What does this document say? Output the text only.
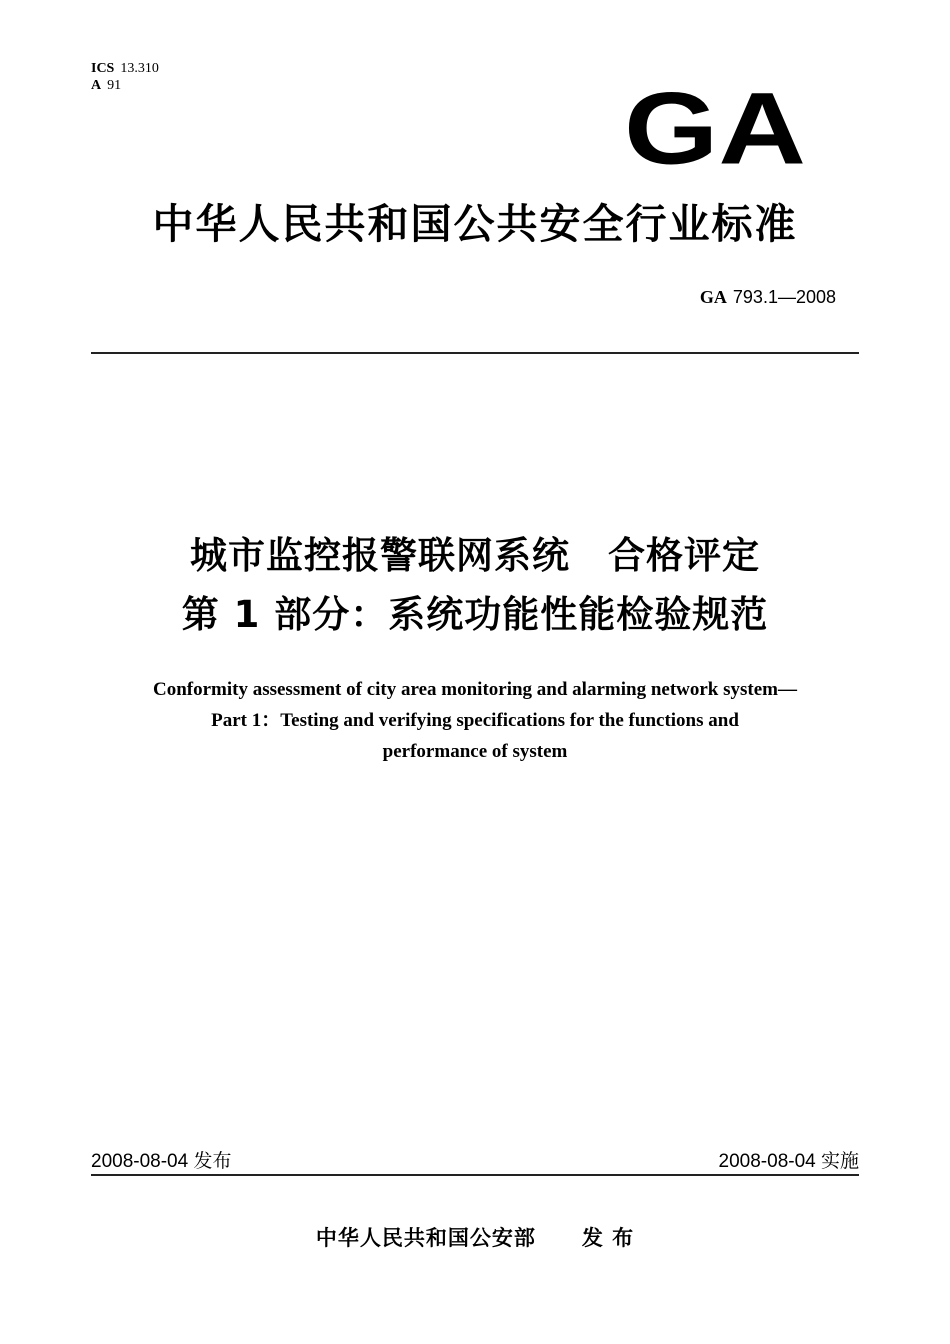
ICS 13.310
A 91	GA
中华人民共和国公共安全行业标准
GA 793.1—2008
城市监控报警联网系统　合格评定
第 1 部分：系统功能性能检验规范
Conformity assessment of city area monitoring and alarming network system—
Part 1：Testing and verifying specifications for the functions and
performance of system
2008-08-04 发布	2008-08-04 实施
中华人民共和国公安部 发 布
